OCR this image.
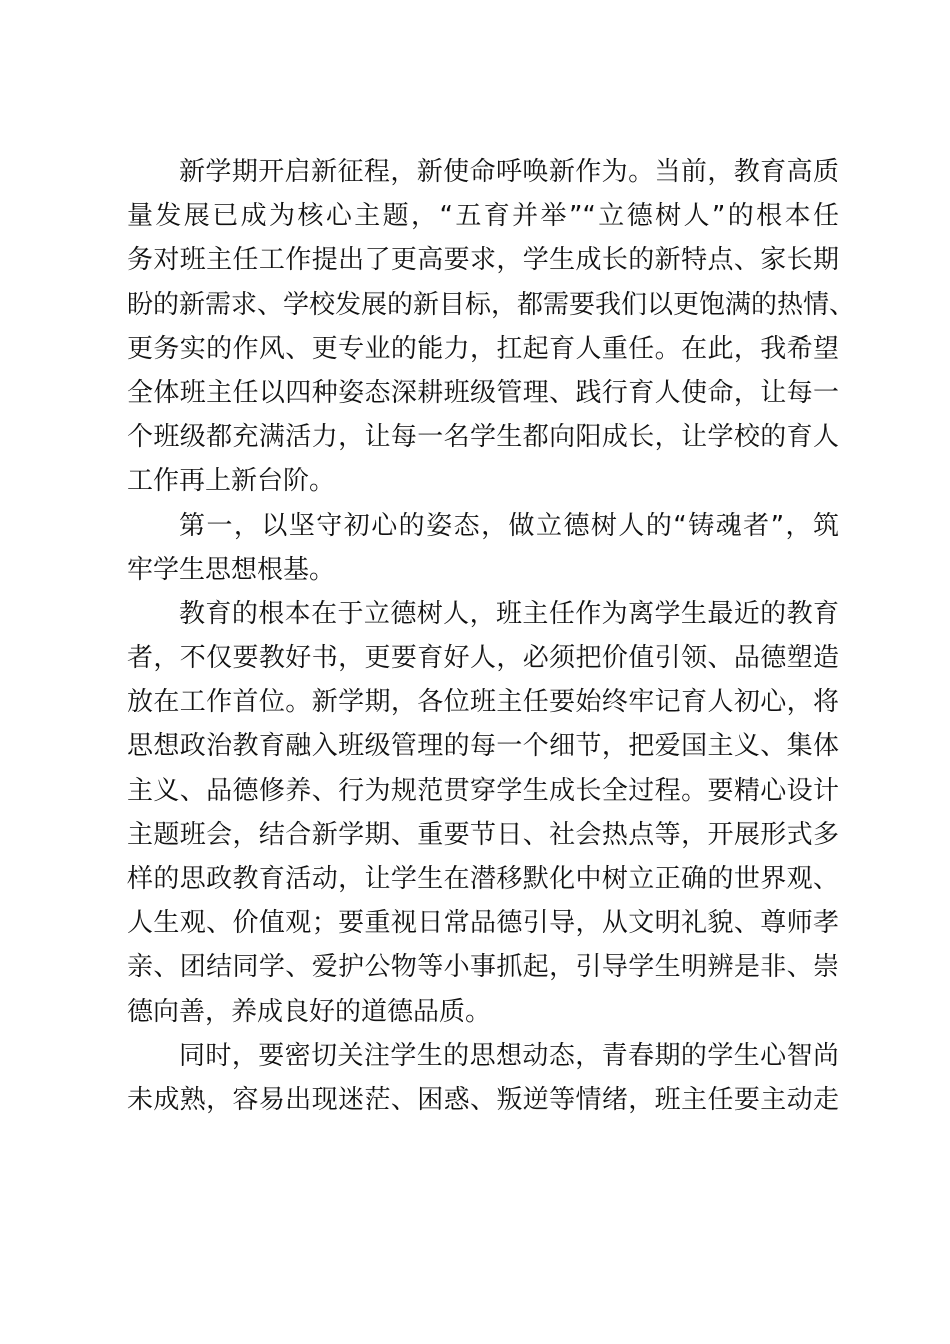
新学期开启新征程，新使命呼唤新作为。当前，教育高质
量发展已成为核心主题，“五育并举”“立德树人”的根本任
务对班主任工作提出了更高要求，学生成长的新特点、家长期
盼的新需求、学校发展的新目标，都需要我们以更饱满的热情、
更务实的作风、更专业的能力，扛起育人重任。在此，我希望
全体班主任以四种姿态深耕班级管理、践行育人使命，让每一
个班级都充满活力，让每一名学生都向阳成长，让学校的育人
工作再上新台阶。
第一，以坚守初心的姿态，做立德树人的“铸魂者”，筑
牢学生思想根基。
教育的根本在于立德树人，班主任作为离学生最近的教育
者，不仅要教好书，更要育好人，必须把价值引领、品德塑造
放在工作首位。新学期，各位班主任要始终牢记育人初心，将
思想政治教育融入班级管理的每一个细节，把爱国主义、集体
主义、品德修养、行为规范贯穿学生成长全过程。要精心设计
主题班会，结合新学期、重要节日、社会热点等，开展形式多
样的思政教育活动，让学生在潜移默化中树立正确的世界观、
人生观、价值观；要重视日常品德引导，从文明礼貌、尊师孝
亲、团结同学、爱护公物等小事抓起，引导学生明辨是非、崇
德向善，养成良好的道德品质。
同时，要密切关注学生的思想动态，青春期的学生心智尚
未成熟，容易出现迷茫、困惑、叛逆等情绪，班主任要主动走
